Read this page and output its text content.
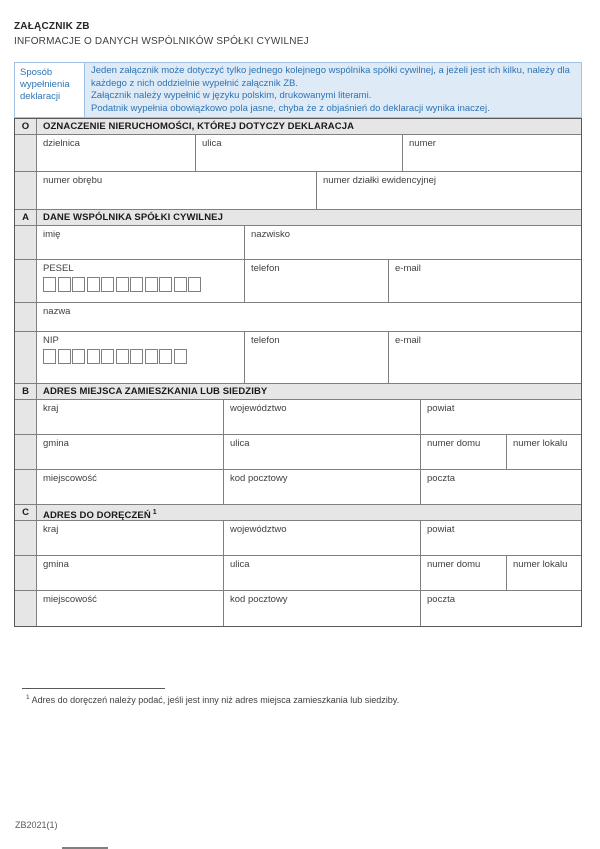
ZAŁĄCZNIK ZB
INFORMACJE O DANYCH WSPÓLNIKÓW SPÓŁKI CYWILNEJ
Sposób wypełnienia deklaracji
Jeden załącznik może dotyczyć tylko jednego kolejnego wspólnika spółki cywilnej, a jeżeli jest ich kilku, należy dla każdego z nich oddzielnie wypełnić załącznik ZB.
Załącznik należy wypełnić w języku polskim, drukowanymi literami.
Podatnik wypełnia obowiązkowo pola jasne, chyba że z objaśnień do deklaracji wynika inaczej.
O	OZNACZENIE NIERUCHOMOŚCI, KTÓREJ DOTYCZY DEKLARACJA
dzielnica	ulica	numer
numer obrębu	numer działki ewidencyjnej
A	DANE WSPÓLNIKA SPÓŁKI CYWILNEJ
imię	nazwisko
PESEL	telefon	e-mail
nazwa
NIP	telefon	e-mail
B	ADRES MIEJSCA ZAMIESZKANIA LUB SIEDZIBY
kraj	województwo	powiat
gmina	ulica	numer domu	numer lokalu
miejscowość	kod pocztowy	poczta
C	ADRES DO DORĘCZEŃ $^1$
kraj	województwo	powiat
gmina	ulica	numer domu	numer lokalu
miejscowość	kod pocztowy	poczta
$^1$ Adres do doręczeń należy podać, jeśli jest inny niż adres miejsca zamieszkania lub siedziby.
ZB2021(1)
